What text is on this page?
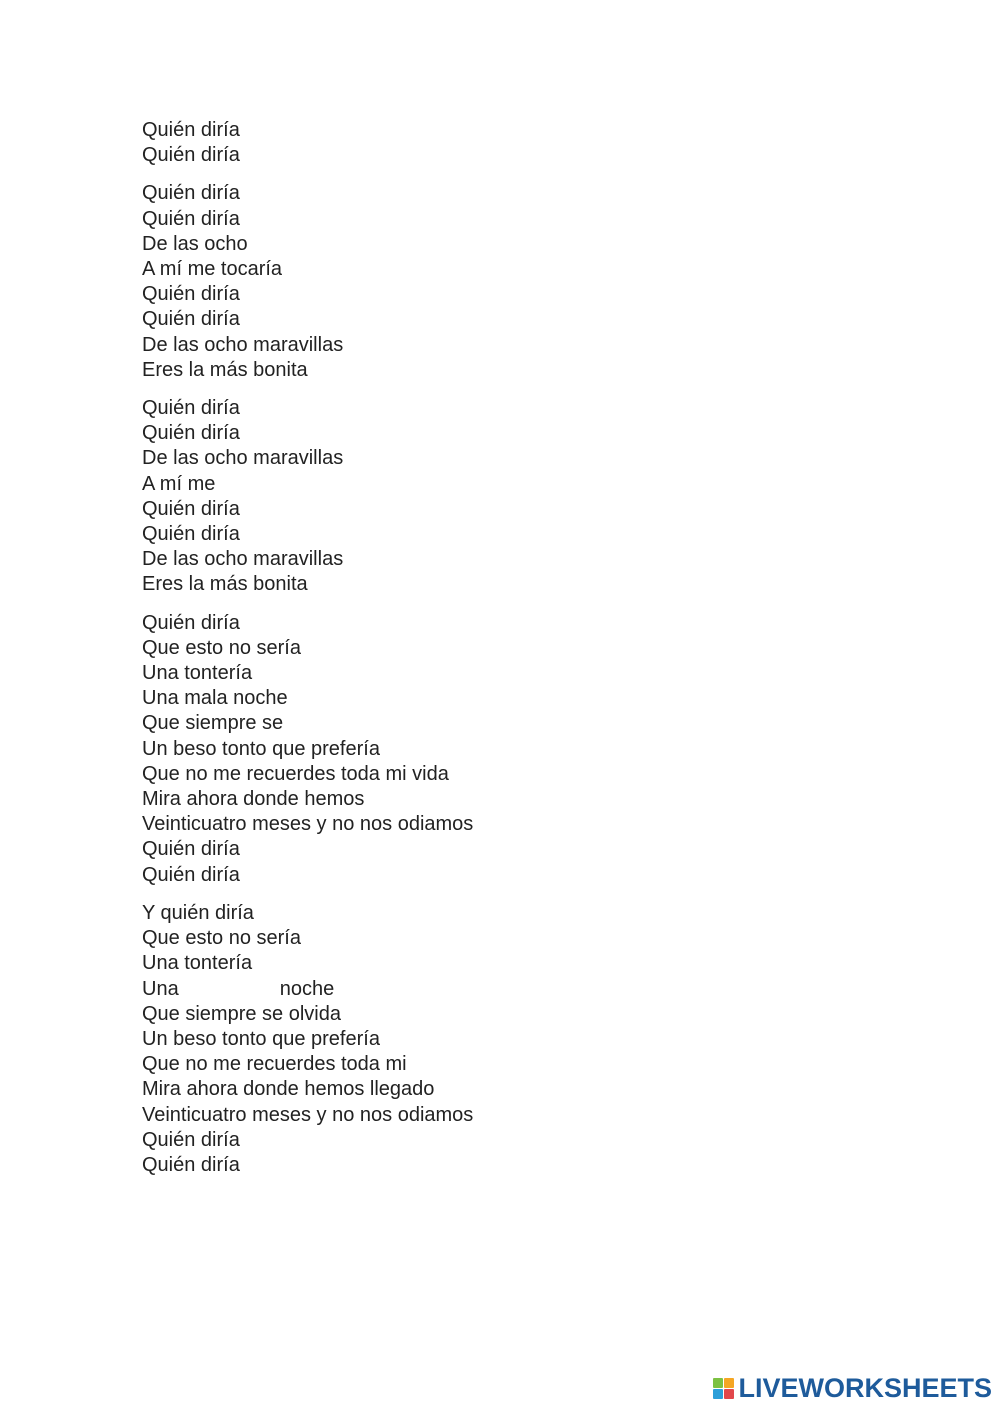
Quién diría
Quién diría
Quién diría
Quién diría
De las ocho
A mí me tocaría
Quién diría
Quién diría
De las ocho maravillas
Eres la más bonita
Quién diría
Quién diría
De las ocho maravillas
A mí me
Quién diría
Quién diría
De las ocho maravillas
Eres la más bonita
Quién diría
Que esto no sería
Una tontería
Una mala noche
Que siempre se
Un beso tonto que prefería
Que no me recuerdes toda mi vida
Mira ahora donde hemos
Veinticuatro meses y no nos odiamos
Quién diría
Quién diría
Y quién diría
Que esto no sería
Una tontería
Una	noche
Que siempre se olvida
Un beso tonto que prefería
Que no me recuerdes toda mi
Mira ahora donde hemos llegado
Veinticuatro meses y no nos odiamos
Quién diría
Quién diría
LIVEWORKSHEETS
